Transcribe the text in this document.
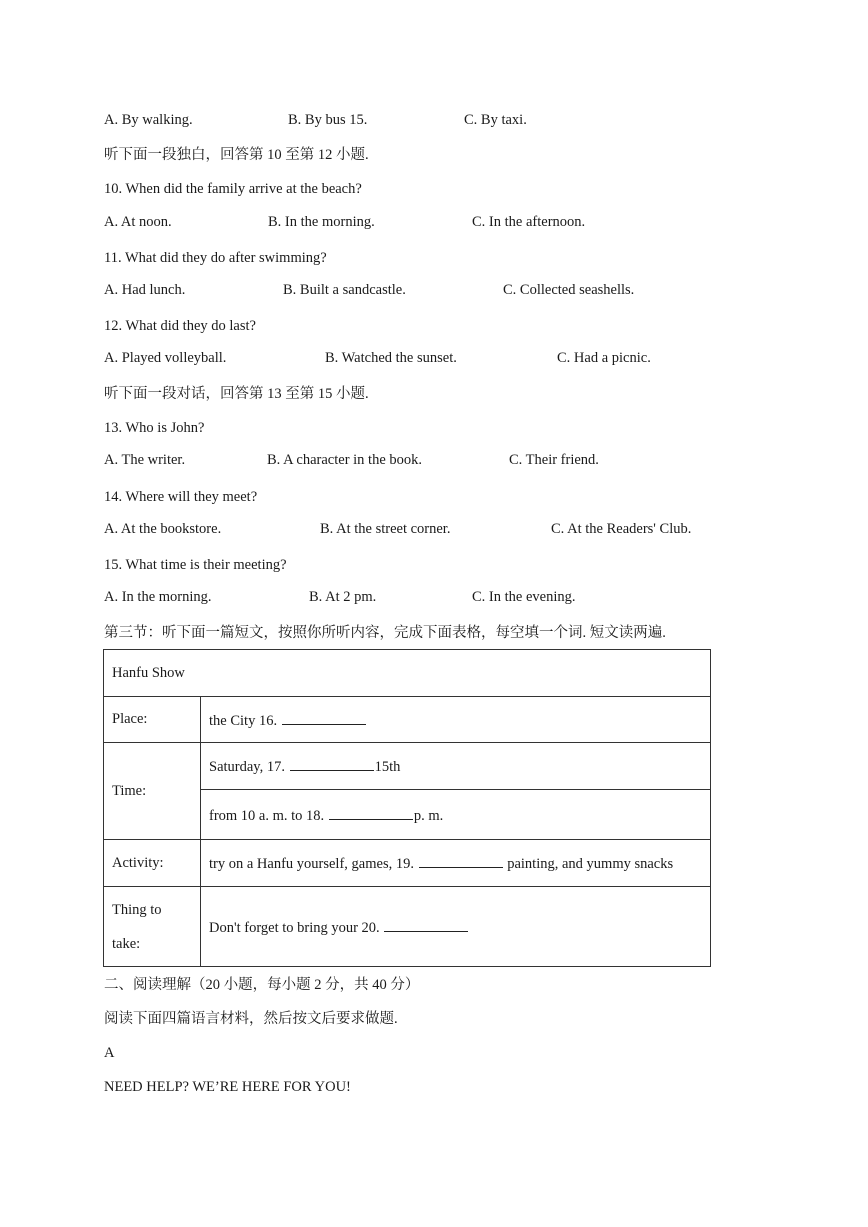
A. By walking.	B. By bus 15.	C. By taxi.
听下面一段独白，回答第 10 至第 12 小题.
10. When did the family arrive at the beach?
A. At noon.	B. In the morning.	C. In the afternoon.
11. What did they do after swimming?
A. Had lunch.	B. Built a sandcastle.	C. Collected seashells.
12. What did they do last?
A. Played volleyball.	B. Watched the sunset.	C. Had a picnic.
听下面一段对话，回答第 13 至第 15 小题.
13. Who is John?
A. The writer.	B. A character in the book.	C. Their friend.
14. Where will they meet?
A. At the bookstore.	B. At the street corner.	C. At the Readers' Club.
15. What time is their meeting?
A. In the morning.	B. At 2 pm.	C. In the evening.
第三节：听下面一篇短文，按照你所听内容，完成下面表格，每空填一个词. 短文读两遍.
Hanfu Show	
Place:	the City 16.
Time:	Saturday, 17. 15th
	from 10 a. m. to 18. p. m.
Activity:	try on a Hanfu yourself, games, 19. painting, and yummy snacks
Thing to
take:	Don't forget to bring your 20.
二、阅读理解（20 小题，每小题 2 分，共 40 分）
阅读下面四篇语言材料，然后按文后要求做题.
A
NEED HELP? WE’RE HERE FOR YOU!
